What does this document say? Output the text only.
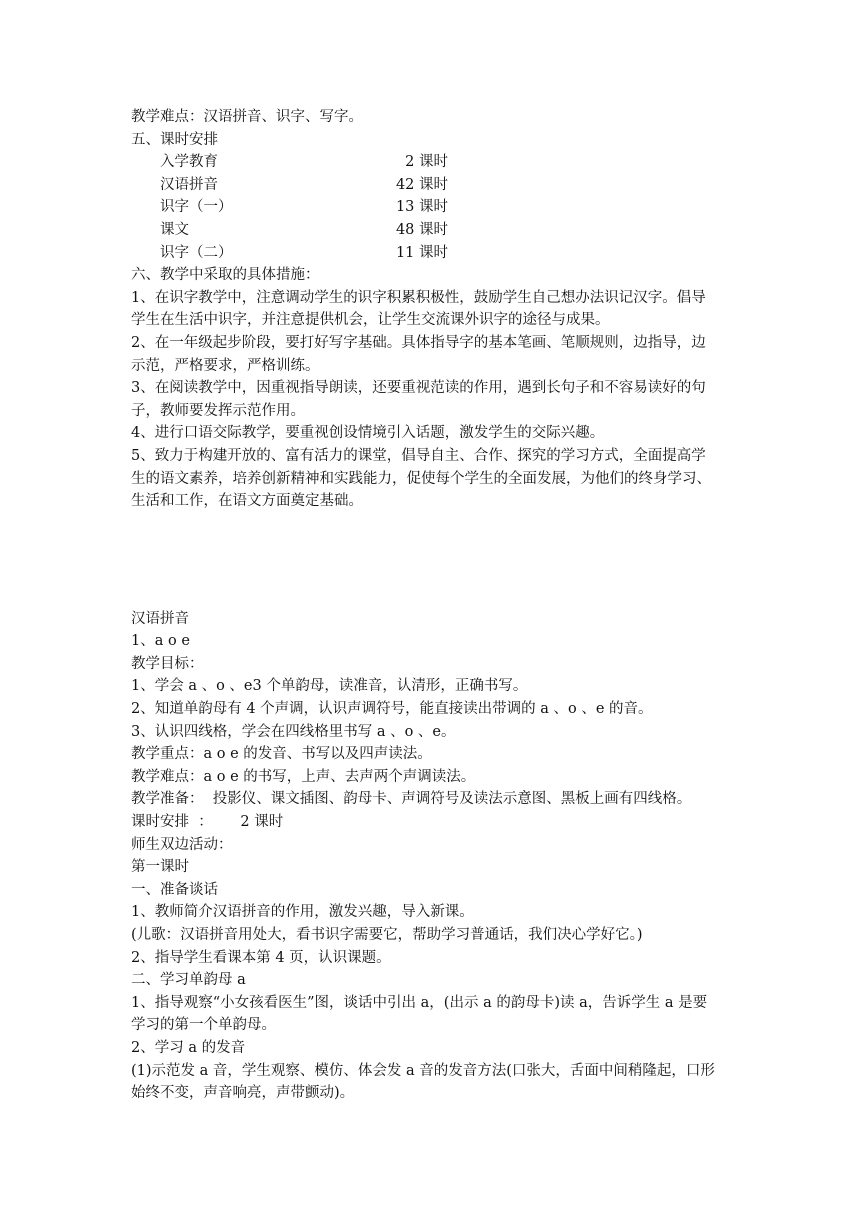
教学难点：汉语拼音、识字、写字。

五、课时安排

入学教育	2 课时
汉语拼音	42 课时
识字（一）	13 课时
课文	48 课时
识字（二）	11 课时

六、教学中采取的具体措施：

1、在识字教学中，注意调动学生的识字积累积极性，鼓励学生自己想办法识记汉字。倡导

学生在生活中识字，并注意提供机会，让学生交流课外识字的途径与成果。

2、在一年级起步阶段，要打好写字基础。具体指导字的基本笔画、笔顺规则，边指导，边

示范，严格要求，严格训练。

3、在阅读教学中，因重视指导朗读，还要重视范读的作用，遇到长句子和不容易读好的句

子，教师要发挥示范作用。

4、进行口语交际教学，要重视创设情境引入话题，激发学生的交际兴趣。

5、致力于构建开放的、富有活力的课堂，倡导自主、合作、探究的学习方式，全面提高学

生的语文素养，培养创新精神和实践能力，促使每个学生的全面发展，为他们的终身学习、

生活和工作，在语文方面奠定基础。

汉语拼音

1、a o e

教学目标：

1、学会 a 、o 、e3 个单韵母，读准音，认清形，正确书写。

2、知道单韵母有 4 个声调，认识声调符号，能直接读出带调的 a 、o 、e 的音。

3、认识四线格，学会在四线格里书写 a 、o 、e。

教学重点：a o e 的发音、书写以及四声读法。

教学难点：a o e 的书写，上声、去声两个声调读法。

教学准备：  投影仪、课文插图、韵母卡、声调符号及读法示意图、黑板上画有四线格。

课时安排  ：      2 课时

师生双边活动：

第一课时

一、准备谈话

1、教师简介汉语拼音的作用，激发兴趣，导入新课。

(儿歌：汉语拼音用处大，看书识字需要它，帮助学习普通话，我们决心学好它。)

2、指导学生看课本第 4 页，认识课题。

二、学习单韵母 a

1、指导观察“小女孩看医生”图，谈话中引出 a，(出示 a 的韵母卡)读 a，告诉学生 a 是要

学习的第一个单韵母。

2、学习 a 的发音

(1)示范发 a 音，学生观察、模仿、体会发 a 音的发音方法(口张大，舌面中间稍隆起，口形

始终不变，声音响亮，声带颤动)。
